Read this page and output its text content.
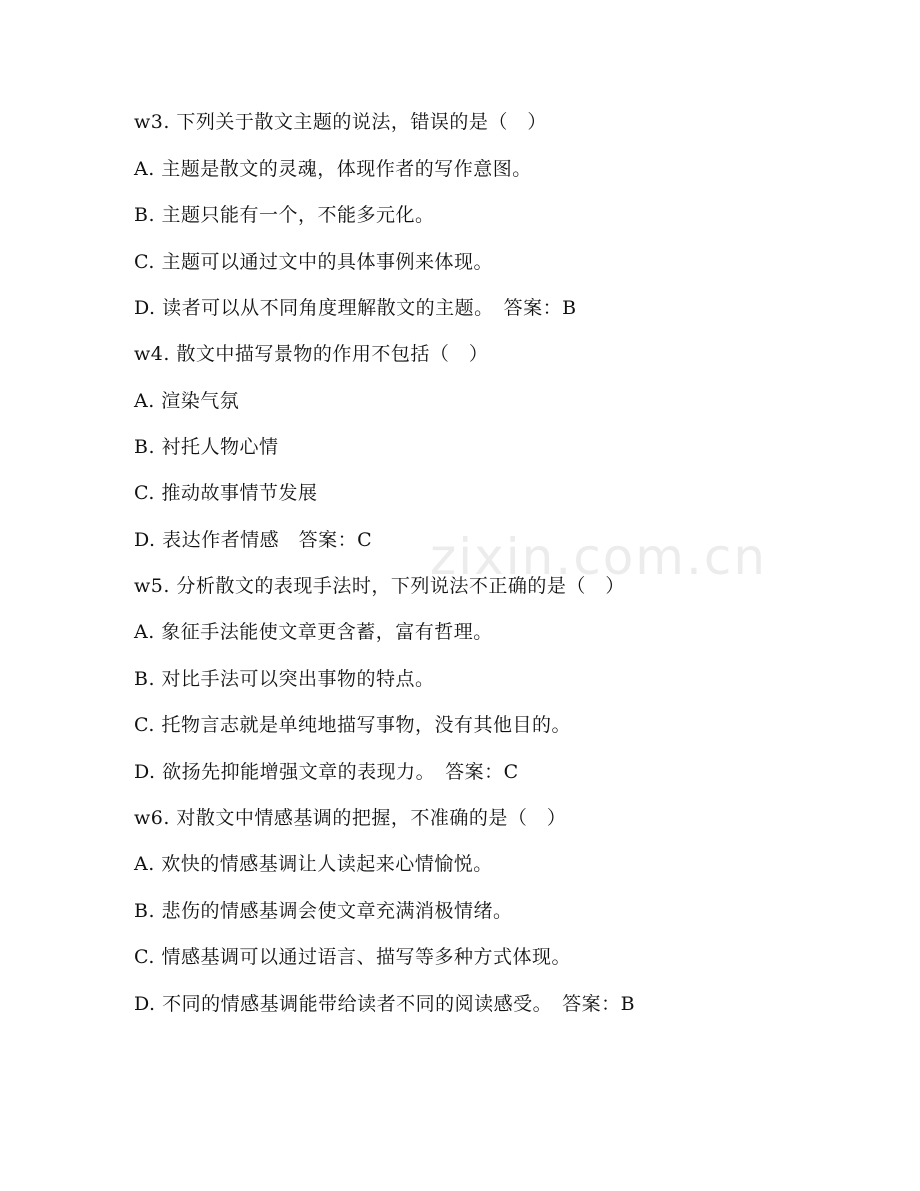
w3. 下列关于散文主题的说法，错误的是（　）
A. 主题是散文的灵魂，体现作者的写作意图。
B. 主题只能有一个，不能多元化。
C. 主题可以通过文中的具体事例来体现。
D. 读者可以从不同角度理解散文的主题。　答案：B
w4. 散文中描写景物的作用不包括（　）
A. 渲染气氛
B. 衬托人物心情
C. 推动故事情节发展
D. 表达作者情感　答案：C
w5. 分析散文的表现手法时，下列说法不正确的是（　）
A. 象征手法能使文章更含蓄，富有哲理。
B. 对比手法可以突出事物的特点。
C. 托物言志就是单纯地描写事物，没有其他目的。
D. 欲扬先抑能增强文章的表现力。　答案：C
w6. 对散文中情感基调的把握，不准确的是（　）
A. 欢快的情感基调让人读起来心情愉悦。
B. 悲伤的情感基调会使文章充满消极情绪。
C. 情感基调可以通过语言、描写等多种方式体现。
D. 不同的情感基调能带给读者不同的阅读感受。　答案：B
zixin.com.cn
